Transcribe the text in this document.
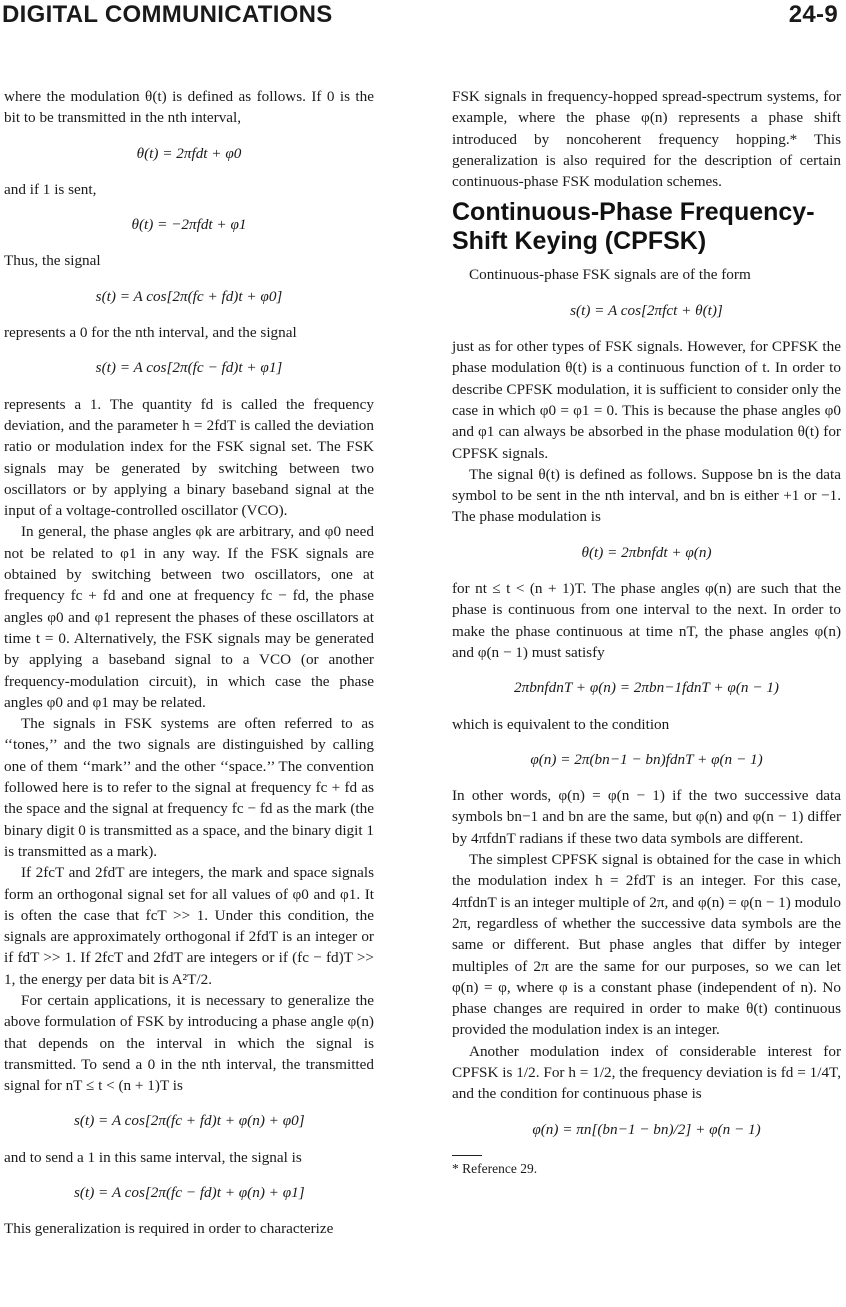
DIGITAL COMMUNICATIONS	24-9

where the modulation θ(t) is defined as follows. If 0 is the bit to be transmitted in the nth interval,

θ(t) = 2πfdt + φ0

and if 1 is sent,

θ(t) = −2πfdt + φ1

Thus, the signal

s(t) = A cos[2π(fc + fd)t + φ0]

represents a 0 for the nth interval, and the signal

s(t) = A cos[2π(fc − fd)t + φ1]

represents a 1. The quantity fd is called the frequency deviation, and the parameter h = 2fdT is called the deviation ratio or modulation index for the FSK signal set. The FSK signals may be generated by switching between two oscillators or by applying a binary baseband signal at the input of a voltage-controlled oscillator (VCO).

In general, the phase angles φk are arbitrary, and φ0 need not be related to φ1 in any way. If the FSK signals are obtained by switching between two oscillators, one at frequency fc + fd and one at frequency fc − fd, the phase angles φ0 and φ1 represent the phases of these oscillators at time t = 0. Alternatively, the FSK signals may be generated by applying a baseband signal to a VCO (or another frequency-modulation circuit), in which case the phase angles φ0 and φ1 may be related.

The signals in FSK systems are often referred to as ‘‘tones,’’ and the two signals are distinguished by calling one of them ‘‘mark’’ and the other ‘‘space.’’ The convention followed here is to refer to the signal at frequency fc + fd as the space and the signal at frequency fc − fd as the mark (the binary digit 0 is transmitted as a space, and the binary digit 1 is transmitted as a mark).

If 2fcT and 2fdT are integers, the mark and space signals form an orthogonal signal set for all values of φ0 and φ1. It is often the case that fcT >> 1. Under this condition, the signals are approximately orthogonal if 2fdT is an integer or if fdT >> 1. If 2fcT and 2fdT are integers or if (fc − fd)T >> 1, the energy per data bit is A²T/2.

For certain applications, it is necessary to generalize the above formulation of FSK by introducing a phase angle φ(n) that depends on the interval in which the signal is transmitted. To send a 0 in the nth interval, the transmitted signal for nT ≤ t < (n + 1)T is

s(t) = A cos[2π(fc + fd)t + φ(n) + φ0]

and to send a 1 in this same interval, the signal is

s(t) = A cos[2π(fc − fd)t + φ(n) + φ1]

This generalization is required in order to characterize

FSK signals in frequency-hopped spread-spectrum systems, for example, where the phase φ(n) represents a phase shift introduced by noncoherent frequency hopping.* This generalization is also required for the description of certain continuous-phase FSK modulation schemes.

Continuous-Phase Frequency-Shift Keying (CPFSK)

Continuous-phase FSK signals are of the form

s(t) = A cos[2πfct + θ(t)]

just as for other types of FSK signals. However, for CPFSK the phase modulation θ(t) is a continuous function of t. In order to describe CPFSK modulation, it is sufficient to consider only the case in which φ0 = φ1 = 0. This is because the phase angles φ0 and φ1 can always be absorbed in the phase modulation θ(t) for CPFSK signals.

The signal θ(t) is defined as follows. Suppose bn is the data symbol to be sent in the nth interval, and bn is either +1 or −1. The phase modulation is

θ(t) = 2πbnfdt + φ(n)

for nt ≤ t < (n + 1)T. The phase angles φ(n) are such that the phase is continuous from one interval to the next. In order to make the phase continuous at time nT, the phase angles φ(n) and φ(n − 1) must satisfy

2πbnfdnT + φ(n) = 2πbn−1fdnT + φ(n − 1)

which is equivalent to the condition

φ(n) = 2π(bn−1 − bn)fdnT + φ(n − 1)

In other words, φ(n) = φ(n − 1) if the two successive data symbols bn−1 and bn are the same, but φ(n) and φ(n − 1) differ by 4πfdnT radians if these two data symbols are different.

The simplest CPFSK signal is obtained for the case in which the modulation index h = 2fdT is an integer. For this case, 4πfdnT is an integer multiple of 2π, and φ(n) = φ(n − 1) modulo 2π, regardless of whether the successive data symbols are the same or different. But phase angles that differ by integer multiples of 2π are the same for our purposes, so we can let φ(n) = φ, where φ is a constant phase (independent of n). No phase changes are required in order to make θ(t) continuous provided the modulation index is an integer.

Another modulation index of considerable interest for CPFSK is 1/2. For h = 1/2, the frequency deviation is fd = 1/4T, and the condition for continuous phase is

φ(n) = πn[(bn−1 − bn)/2] + φ(n − 1)

* Reference 29.
